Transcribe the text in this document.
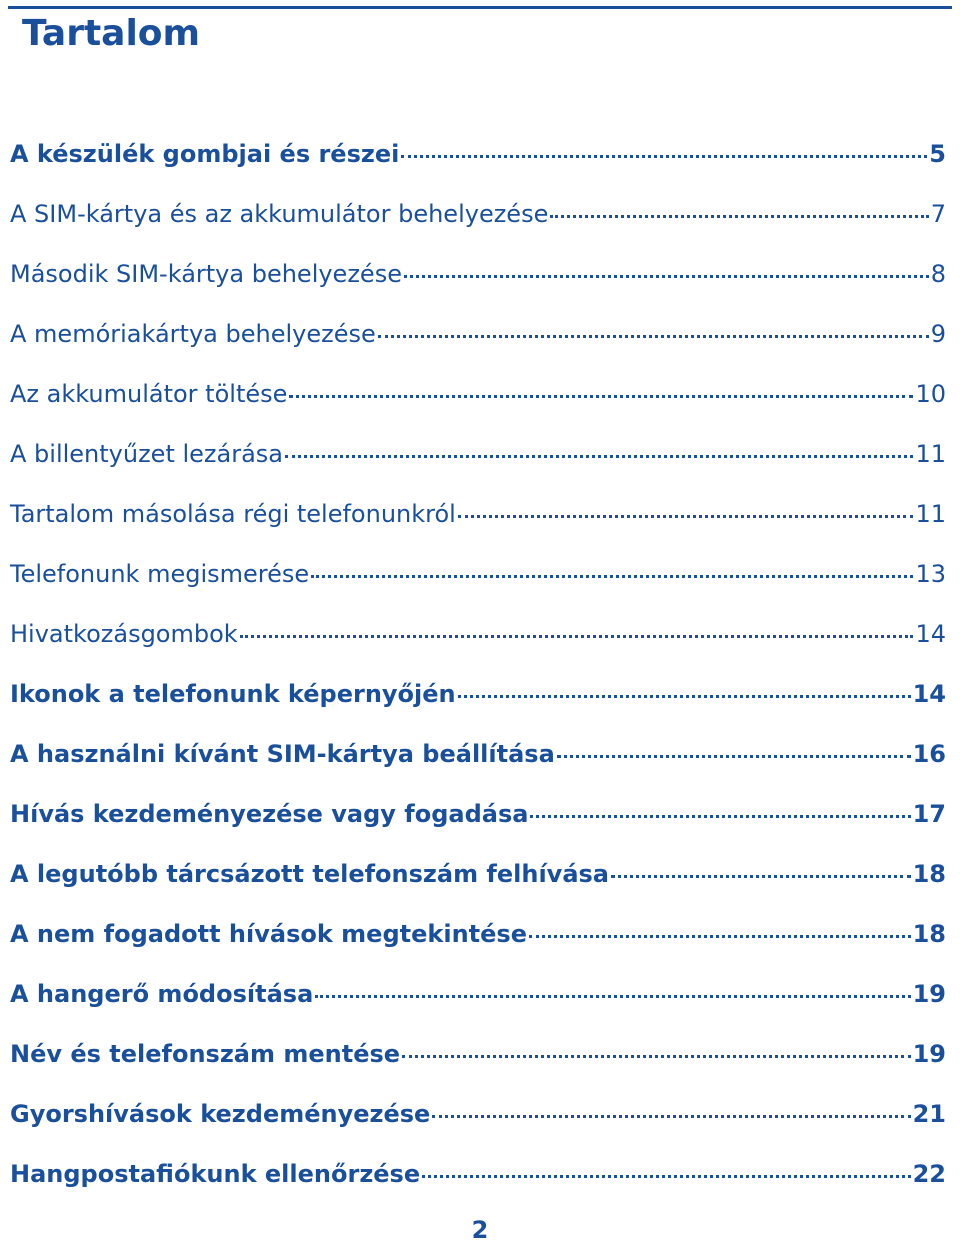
Tartalom
A készülék gombjai és részei	5
A SIM-kártya és az akkumulátor behelyezése	7
Második SIM-kártya behelyezése	8
A memóriakártya behelyezése	9
Az akkumulátor töltése	10
A billentyűzet lezárása	11
Tartalom másolása régi telefonunkról	11
Telefonunk megismerése	13
Hivatkozásgombok	14
Ikonok a telefonunk képernyőjén	14
A használni kívánt SIM-kártya beállítása	16
Hívás kezdeményezése vagy fogadása	17
A legutóbb tárcsázott telefonszám felhívása	18
A nem fogadott hívások megtekintése	18
A hangerő módosítása	19
Név és telefonszám mentése	19
Gyorshívások kezdeményezése	21
Hangpostafiókunk ellenőrzése	22
2
